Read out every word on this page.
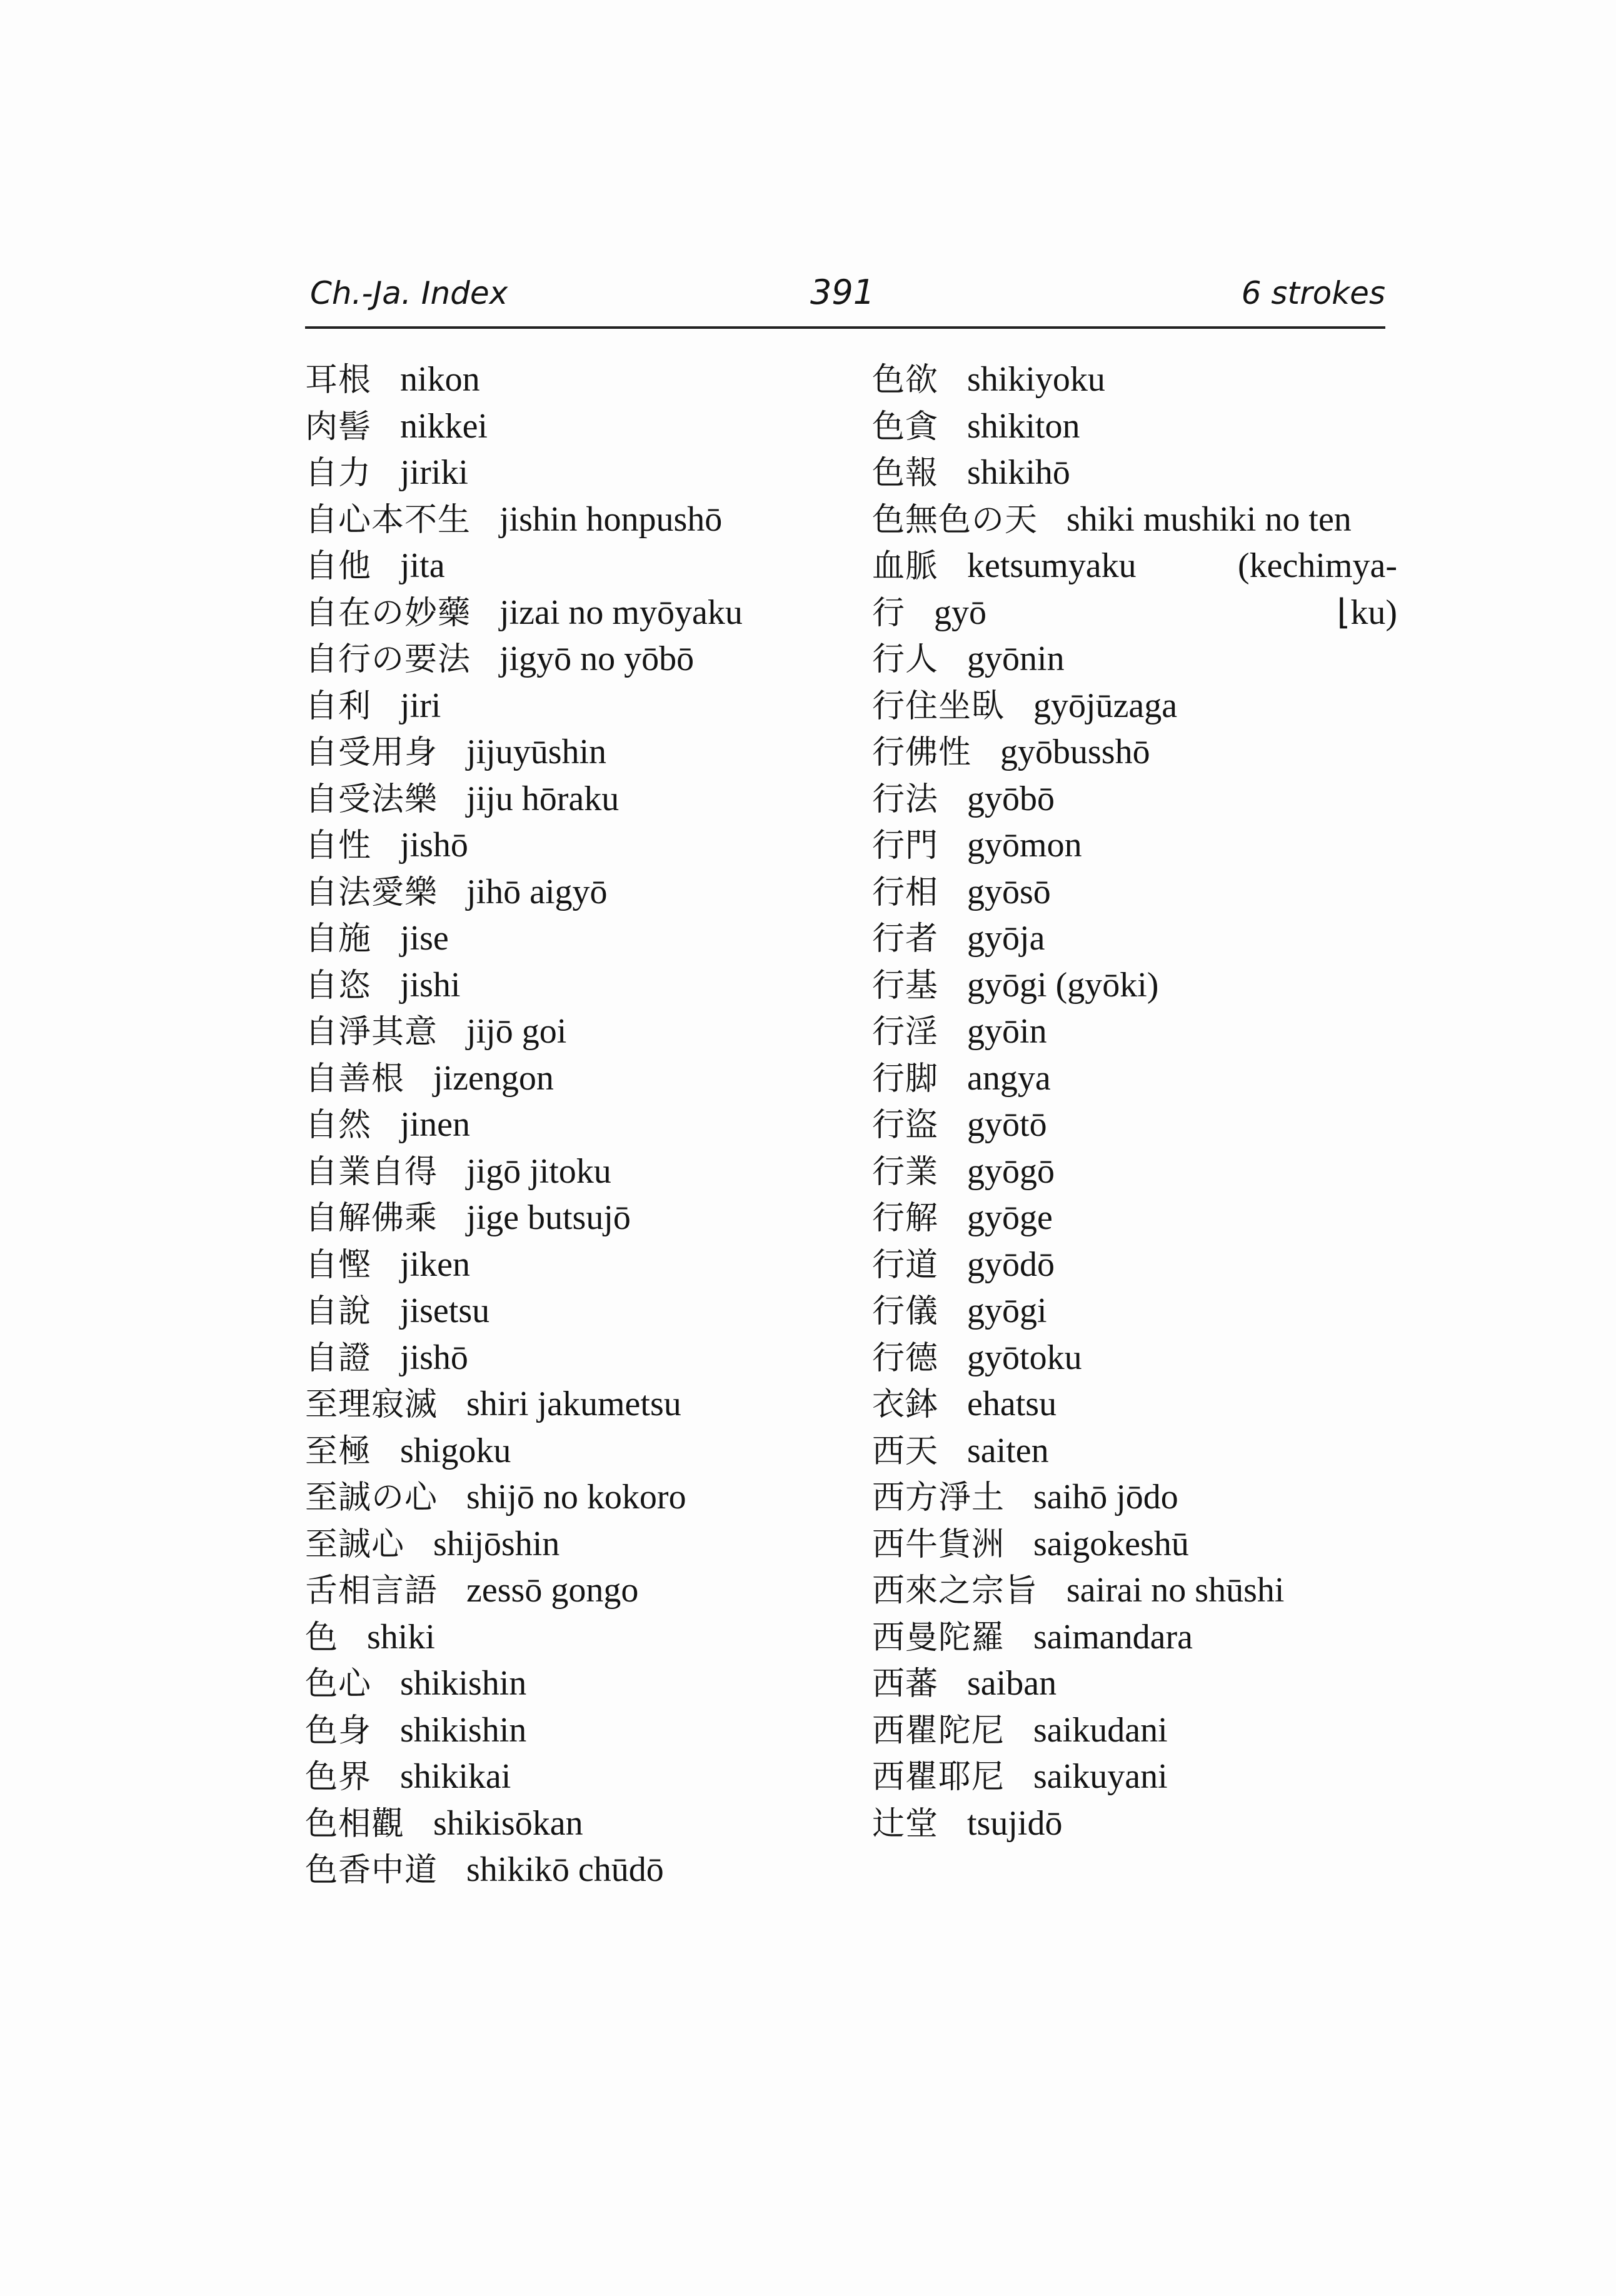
Ch.-Ja. Index	391	6 strokes
耳根 nikon
肉髻 nikkei
自力 jiriki
自心本不生 jishin honpushō
自他 jita
自在の妙藥 jizai no myōyaku
自行の要法 jigyō no yōbō
自利 jiri
自受用身 jijuyūshin
自受法樂 jiju hōraku
自性 jishō
自法愛樂 jihō aigyō
自施 jise
自恣 jishi
自淨其意 jijō goi
自善根 jizengon
自然 jinen
自業自得 jigō jitoku
自解佛乘 jige butsujō
自慳 jiken
自說 jisetsu
自證 jishō
至理寂滅 shiri jakumetsu
至極 shigoku
至誠の心 shijō no kokoro
至誠心 shijōshin
舌相言語 zessō gongo
色 shiki
色心 shikishin
色身 shikishin
色界 shikikai
色相觀 shikisōkan
色香中道 shikikō chūdō
色欲 shikiyoku
色貪 shikiton
色報 shikihō
色無色の天 shiki mushiki no ten
血脈 ketsumyaku	(kechimya-
行 gyō	⌊ku)
行人 gyōnin
行住坐臥 gyōjūzaga
行佛性 gyōbusshō
行法 gyōbō
行門 gyōmon
行相 gyōsō
行者 gyōja
行基 gyōgi (gyōki)
行淫 gyōin
行脚 angya
行盜 gyōtō
行業 gyōgō
行解 gyōge
行道 gyōdō
行儀 gyōgi
行德 gyōtoku
衣鉢 ehatsu
西天 saiten
西方淨土 saihō jōdo
西牛貨洲 saigokeshū
西來之宗旨 sairai no shūshi
西曼陀羅 saimandara
西蕃 saiban
西瞿陀尼 saikudani
西瞿耶尼 saikuyani
辻堂 tsujidō
